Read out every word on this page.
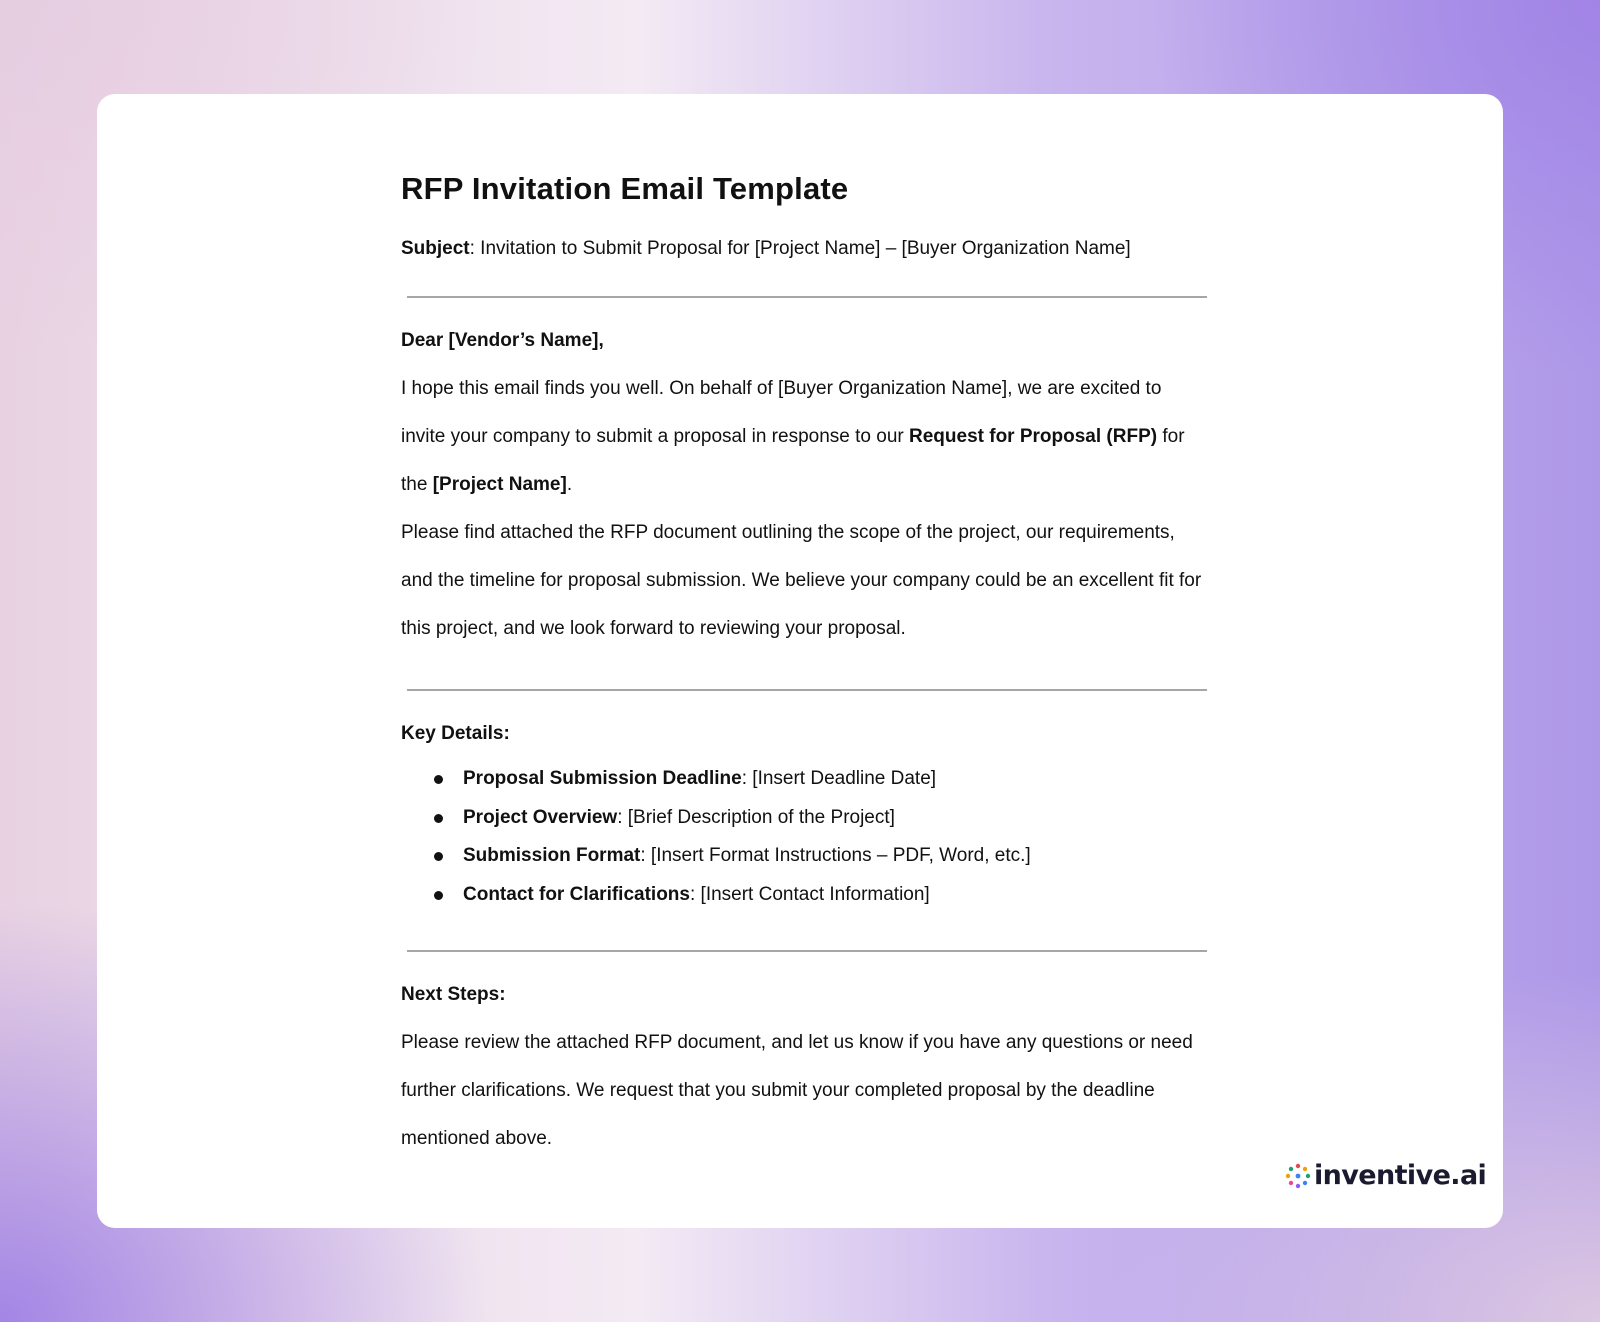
RFP Invitation Email Template
Subject: Invitation to Submit Proposal for [Project Name] – [Buyer Organization Name]
Dear [Vendor’s Name],

I hope this email finds you well. On behalf of [Buyer Organization Name], we are excited to invite your company to submit a proposal in response to our Request for Proposal (RFP) for the [Project Name].

Please find attached the RFP document outlining the scope of the project, our requirements, and the timeline for proposal submission. We believe your company could be an excellent fit for this project, and we look forward to reviewing your proposal.

Key Details:
Proposal Submission Deadline: [Insert Deadline Date]
Project Overview: [Brief Description of the Project]
Submission Format: [Insert Format Instructions – PDF, Word, etc.]
Contact for Clarifications: [Insert Contact Information]
Next Steps:

Please review the attached RFP document, and let us know if you have any questions or need further clarifications. We request that you submit your completed proposal by the deadline mentioned above.

inventive.ai
